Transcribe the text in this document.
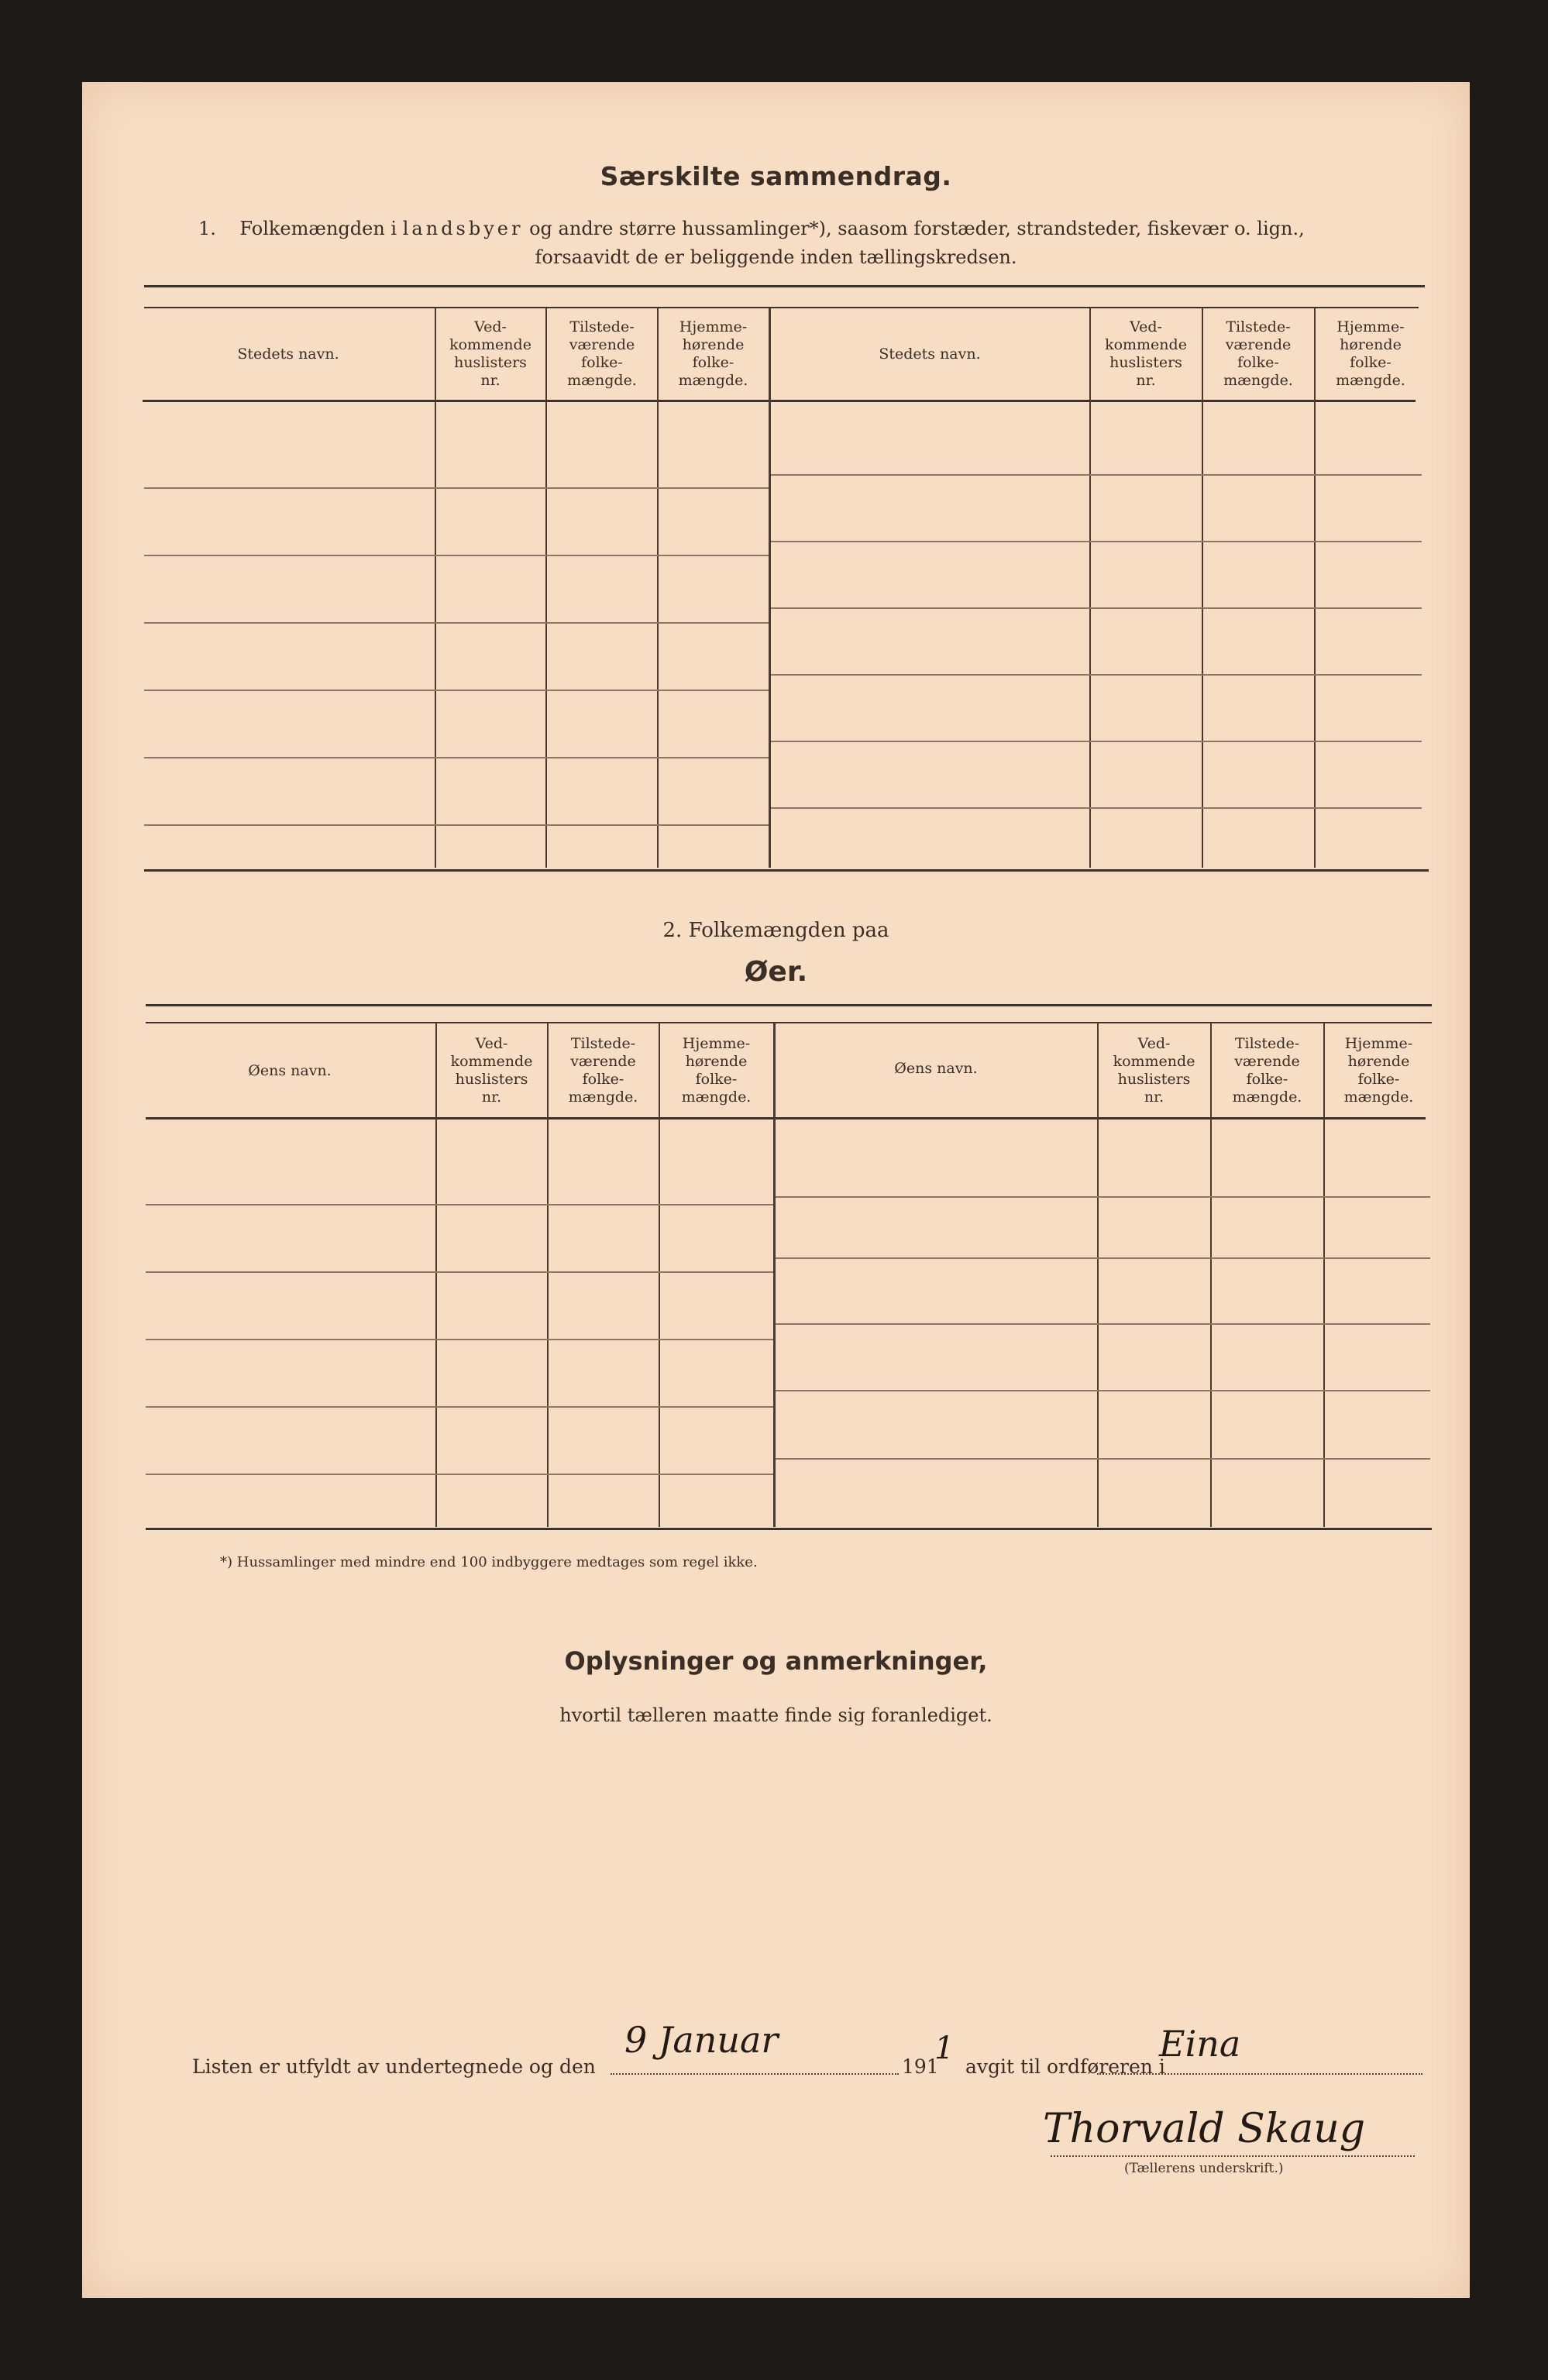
Særskilte sammendrag.
1. Folkemængden i landsbyer og andre større hussamlinger*), saasom forstæder, strandsteder, fiskevær o. lign.,
forsaavidt de er beliggende inden tællingskredsen.
Stedets navn.
Ved-
kommende
huslisters
nr.
Tilstede-
værende
folke-
mængde.
Hjemme-
hørende
folke-
mængde.
Stedets navn.
Ved-
kommende
huslisters
nr.
Tilstede-
værende
folke-
mængde.
Hjemme-
hørende
folke-
mængde.
2. Folkemængden paa
Øer.
Øens navn.
Ved-
kommende
huslisters
nr.
Tilstede-
værende
folke-
mængde.
Hjemme-
hørende
folke-
mængde.
Øens navn.
Ved-
kommende
huslisters
nr.
Tilstede-
værende
folke-
mængde.
Hjemme-
hørende
folke-
mængde.
*) Hussamlinger med mindre end 100 indbyggere medtages som regel ikke.
Oplysninger og anmerkninger,
hvortil tælleren maatte finde sig foranlediget.
Listen er utfyldt av undertegnede og den
9 Januar
191
1
avgit til ordføreren i
Eina
Thorvald Skaug
(Tællerens underskrift.)
